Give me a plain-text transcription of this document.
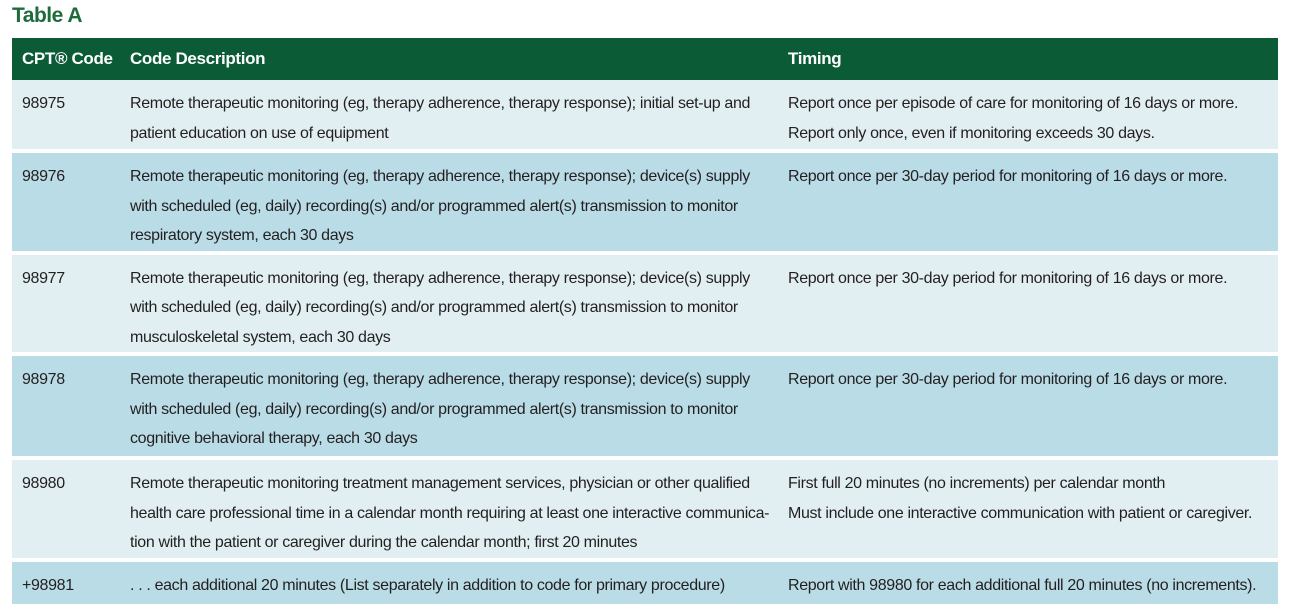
Table A
CPT® Code	Code Description	Timing
98975	Remote therapeutic monitoring (eg, therapy adherence, therapy response); initial set-up and
patient education on use of equipment	Report once per episode of care for monitoring of 16 days or more.
Report only once, even if monitoring exceeds 30 days.

98976	Remote therapeutic monitoring (eg, therapy adherence, therapy response); device(s) supply
with scheduled (eg, daily) recording(s) and/or programmed alert(s) transmission to monitor
respiratory system, each 30 days	Report once per 30-day period for monitoring of 16 days or more.

98977	Remote therapeutic monitoring (eg, therapy adherence, therapy response); device(s) supply
with scheduled (eg, daily) recording(s) and/or programmed alert(s) transmission to monitor
musculoskeletal system, each 30 days	Report once per 30-day period for monitoring of 16 days or more.

98978	Remote therapeutic monitoring (eg, therapy adherence, therapy response); device(s) supply
with scheduled (eg, daily) recording(s) and/or programmed alert(s) transmission to monitor
cognitive behavioral therapy, each 30 days	Report once per 30-day period for monitoring of 16 days or more.

98980	Remote therapeutic monitoring treatment management services, physician or other qualified
health care professional time in a calendar month requiring at least one interactive communica-
tion with the patient or caregiver during the calendar month; first 20 minutes	First full 20 minutes (no increments) per calendar month
Must include one interactive communication with patient or caregiver.

+98981	. . . each additional 20 minutes (List separately in addition to code for primary procedure)	Report with 98980 for each additional full 20 minutes (no increments).
